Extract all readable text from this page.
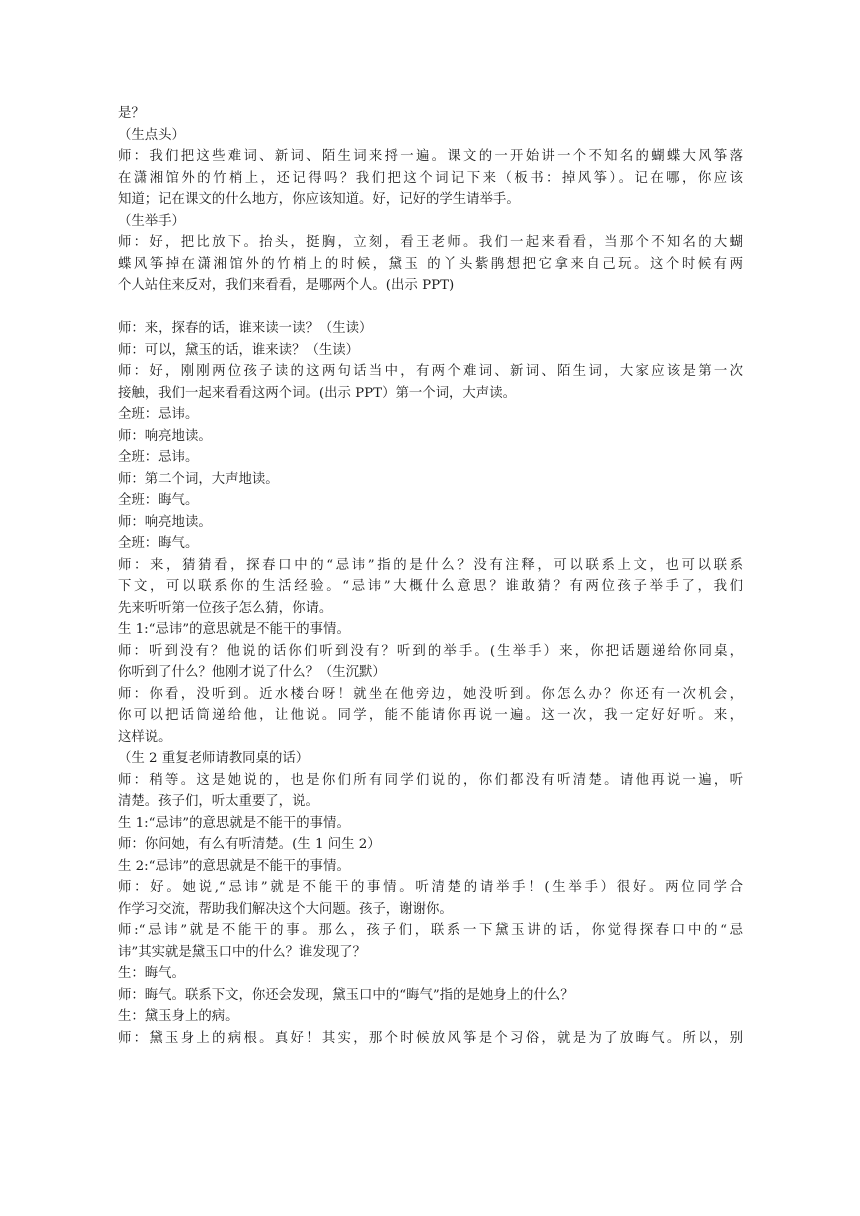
是？
（生点头）
师：我们把这些难词、新词、陌生词来捋一遍。课文的一开始讲一个不知名的蝴蝶大风筝落
在潇湘馆外的竹梢上，还记得吗？我们把这个词记下来（板书：掉风筝）。记在哪，你应该
知道；记在课文的什么地方，你应该知道。好，记好的学生请举手。
（生举手）
师：好，把比放下。抬头，挺胸，立刻，看王老师。我们一起来看看，当那个不知名的大蝴
蝶风筝掉在潇湘馆外的竹梢上的时候，黛玉 的丫头紫鹃想把它拿来自己玩。这个时候有两
个人站住来反对，我们来看看，是哪两个人。(出示 PPT)
师：来，探春的话，谁来读一读？（生读）
师：可以，黛玉的话，谁来读？（生读）
师：好，刚刚两位孩子读的这两句话当中，有两个难词、新词、陌生词，大家应该是第一次
接触，我们一起来看看这两个词。(出示 PPT）第一个词，大声读。
全班：忌讳。
师：响亮地读。
全班：忌讳。
师：第二个词，大声地读。
全班：晦气。
师：响亮地读。
全班：晦气。
师：来，猜猜看，探春口中的“忌讳”指的是什么？没有注释，可以联系上文，也可以联系
下文，可以联系你的生活经验。“忌讳”大概什么意思？谁敢猜？有两位孩子举手了，我们
先来听听第一位孩子怎么猜，你请。
生 1:“忌讳”的意思就是不能干的事情。
师：听到没有？他说的话你们听到没有？听到的举手。(生举手）来，你把话题递给你同桌，
你听到了什么？他刚才说了什么？（生沉默）
师：你看，没听到。近水楼台呀！就坐在他旁边，她没听到。你怎么办？你还有一次机会，
你可以把话筒递给他，让他说。同学，能不能请你再说一遍。这一次，我一定好好听。来，
这样说。
（生 2 重复老师请教同桌的话）
师：稍等。这是她说的，也是你们所有同学们说的，你们都没有听清楚。请他再说一遍，听
清楚。孩子们，听太重要了，说。
生 1:“忌讳”的意思就是不能干的事情。
师：你问她，有么有听清楚。(生 1 问生 2）
生 2:“忌讳”的意思就是不能干的事情。
师：好。她说,“忌讳”就是不能干的事情。听清楚的请举手！(生举手）很好。两位同学合
作学习交流，帮助我们解决这个大问题。孩子，谢谢你。
师:“忌讳”就是不能干的事。那么，孩子们，联系一下黛玉讲的话，你觉得探春口中的“忌
讳”其实就是黛玉口中的什么？谁发现了？
生：晦气。
师：晦气。联系下文，你还会发现，黛玉口中的“晦气”指的是她身上的什么？
生：黛玉身上的病。
师：黛玉身上的病根。真好！其实，那个时候放风筝是个习俗，就是为了放晦气。所以，别
